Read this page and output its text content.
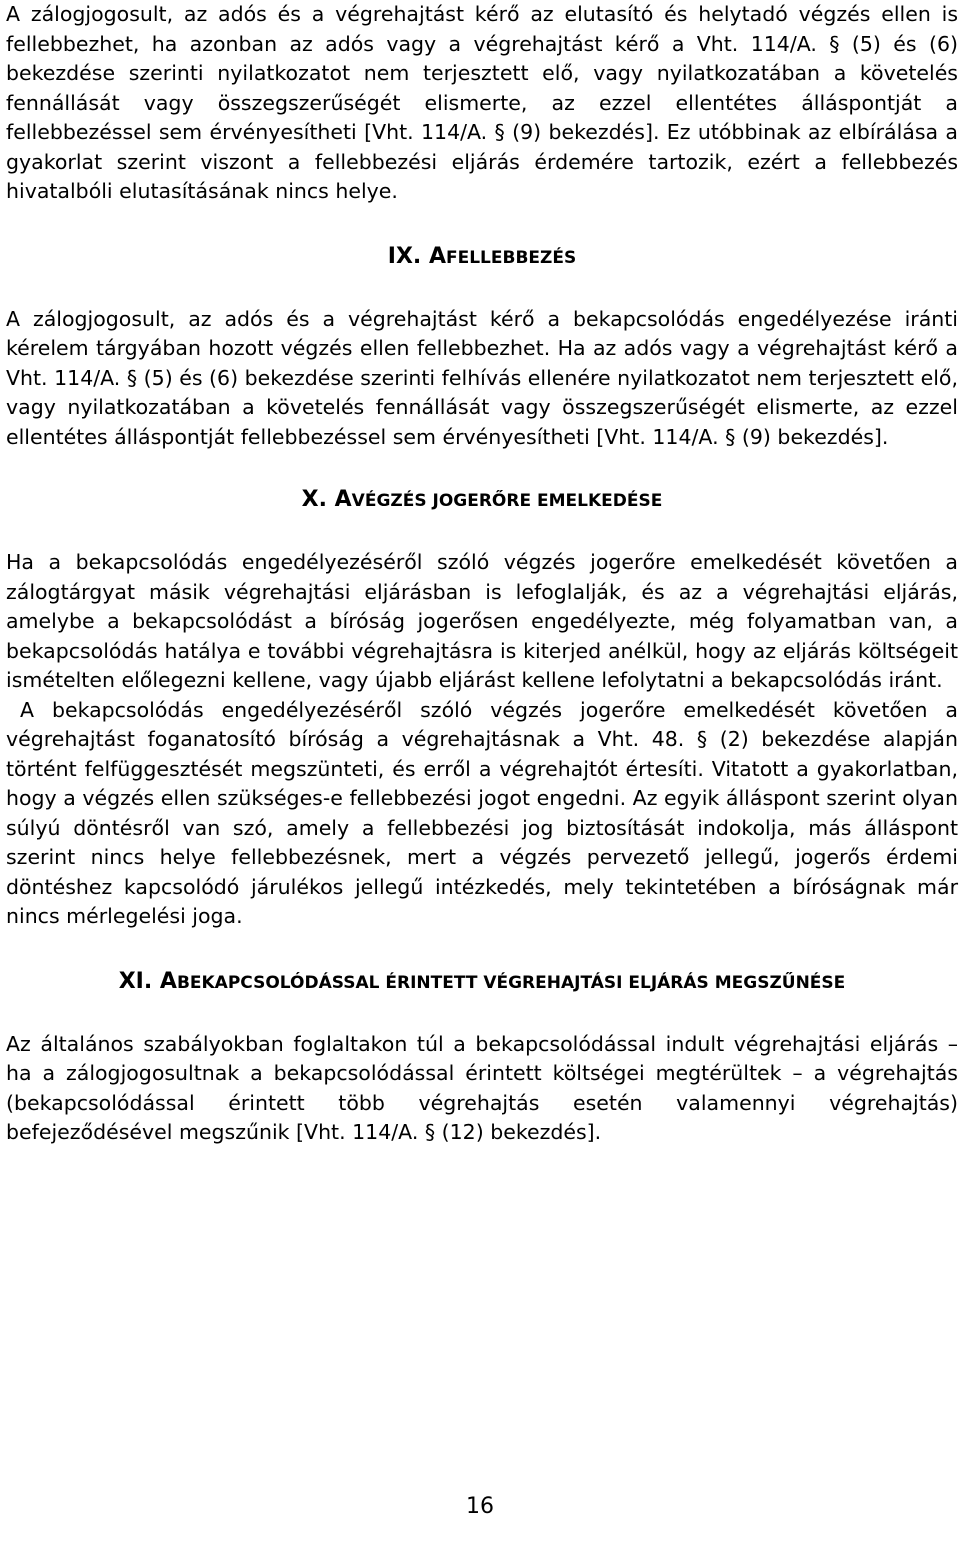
A zálogjogosult, az adós és a végrehajtást kérő az elutasító és helytadó végzés ellen is fellebbezhet, ha azonban az adós vagy a végrehajtást kérő a Vht. 114/A. § (5) és (6) bekezdése szerinti nyilatkozatot nem terjesztett elő, vagy nyilatkozatában a követelés fennállását vagy összegszerűségét elismerte, az ezzel ellentétes álláspontját a fellebbezéssel sem érvényesítheti [Vht. 114/A. § (9) bekezdés]. Ez utóbbinak az elbírálása a gyakorlat szerint viszont a fellebbezési eljárás érdemére tartozik, ezért a fellebbezés hivatalbóli elutasításának nincs helye.

IX. AFELLEBBEZÉS

A zálogjogosult, az adós és a végrehajtást kérő a bekapcsolódás engedélyezése iránti kérelem tárgyában hozott végzés ellen fellebbezhet. Ha az adós vagy a végrehajtást kérő a Vht. 114/A. § (5) és (6) bekezdése szerinti felhívás ellenére nyilatkozatot nem terjesztett elő, vagy nyilatkozatában a követelés fennállását vagy összegszerűségét elismerte, az ezzel ellentétes álláspontját fellebbezéssel sem érvényesítheti [Vht. 114/A. § (9) bekezdés].

X. AVÉGZÉS JOGERŐRE EMELKEDÉSE

Ha a bekapcsolódás engedélyezéséről szóló végzés jogerőre emelkedését követően a zálogtárgyat másik végrehajtási eljárásban is lefoglalják, és az a végrehajtási eljárás, amelybe a bekapcsolódást a bíróság jogerősen engedélyezte, még folyamatban van, a bekapcsolódás hatálya e további végrehajtásra is kiterjed anélkül, hogy az eljárás költségeit ismételten előlegezni kellene, vagy újabb eljárást kellene lefolytatni a bekapcsolódás iránt.

A bekapcsolódás engedélyezéséről szóló végzés jogerőre emelkedését követően a végrehajtást foganatosító bíróság a végrehajtásnak a Vht. 48. § (2) bekezdése alapján történt felfüggesztését megszünteti, és erről a végrehajtót értesíti. Vitatott a gyakorlatban, hogy a végzés ellen szükséges-e fellebbezési jogot engedni. Az egyik álláspont szerint olyan súlyú döntésről van szó, amely a fellebbezési jog biztosítását indokolja, más álláspont szerint nincs helye fellebbezésnek, mert a végzés pervezető jellegű, jogerős érdemi döntéshez kapcsolódó járulékos jellegű intézkedés, mely tekintetében a bíróságnak már nincs mérlegelési joga.

XI. ABEKAPCSOLÓDÁSSAL ÉRINTETT VÉGREHAJTÁSI ELJÁRÁS MEGSZŰNÉSE

Az általános szabályokban foglaltakon túl a bekapcsolódással indult végrehajtási eljárás – ha a zálogjogosultnak a bekapcsolódással érintett költségei megtérültek – a végrehajtás (bekapcsolódással érintett több végrehajtás esetén valamennyi végrehajtás) befejeződésével megszűnik [Vht. 114/A. § (12) bekezdés].

16
